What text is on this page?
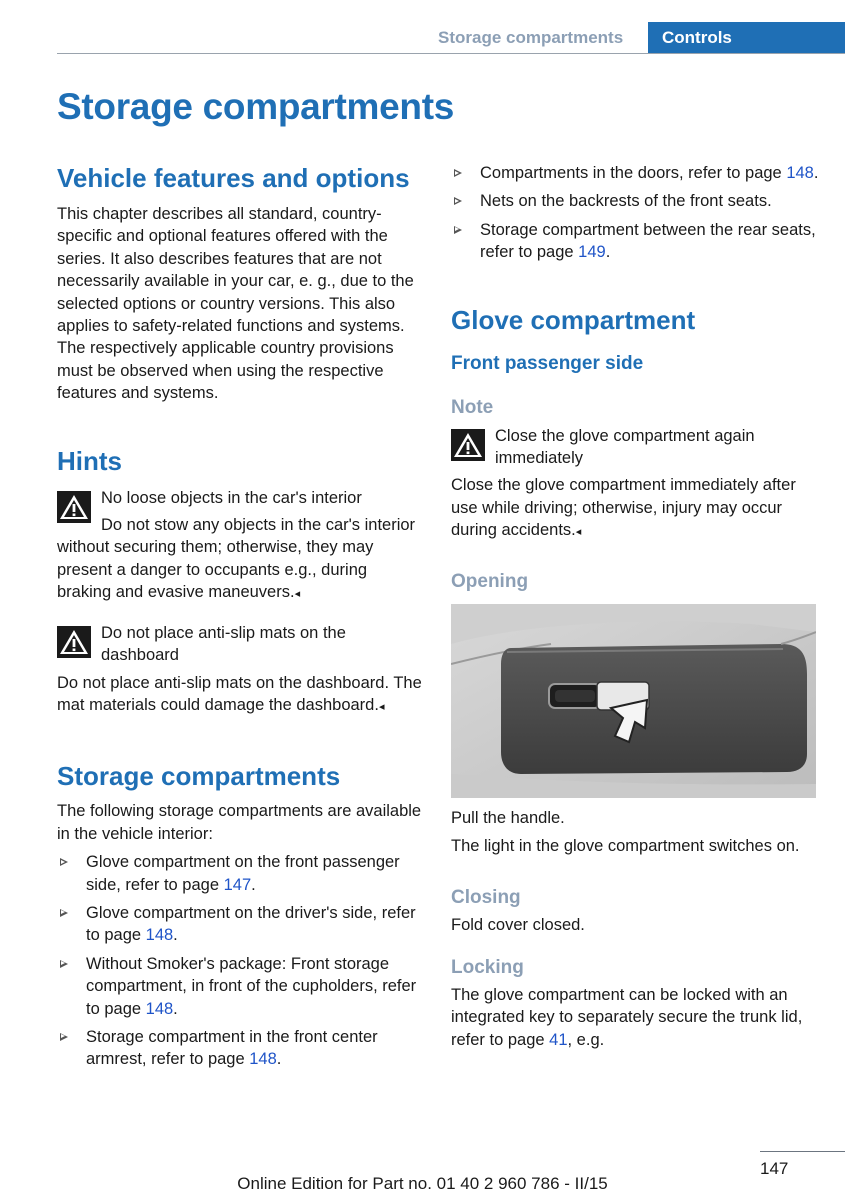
Storage compartments Controls
Storage compartments
Vehicle features and options

This chapter describes all standard, country-specific and optional features offered with the series. It also describes features that are not necessarily available in your car, e. g., due to the selected options or country versions. This also applies to safety-related functions and systems. The respectively applicable country provisions must be observed when using the respective features and systems.

Hints

No loose objects in the car's interior

Do not stow any objects in the car's interior without securing them; otherwise, they may present a danger to occupants e.g., during braking and evasive maneuvers.◂

Do not place anti-slip mats on the dashboard

Do not place anti-slip mats on the dashboard. The mat materials could damage the dashboard.◂

Storage compartments

The following storage compartments are available in the vehicle interior:

Glove compartment on the front passenger side, refer to page 147.
Glove compartment on the driver's side, refer to page 148.
Without Smoker's package: Front storage compartment, in front of the cupholders, refer to page 148.
Storage compartment in the front center armrest, refer to page 148.
Compartments in the doors, refer to page 148.
Nets on the backrests of the front seats.
Storage compartment between the rear seats, refer to page 149.
Glove compartment
Front passenger side
Note

Close the glove compartment again immediately

Close the glove compartment immediately after use while driving; otherwise, injury may occur during accidents.◂

Opening

Pull the handle.

The light in the glove compartment switches on.

Closing

Fold cover closed.

Locking

The glove compartment can be locked with an integrated key to separately secure the trunk lid, refer to page 41, e.g.

147
Online Edition for Part no. 01 40 2 960 786 - II/15
